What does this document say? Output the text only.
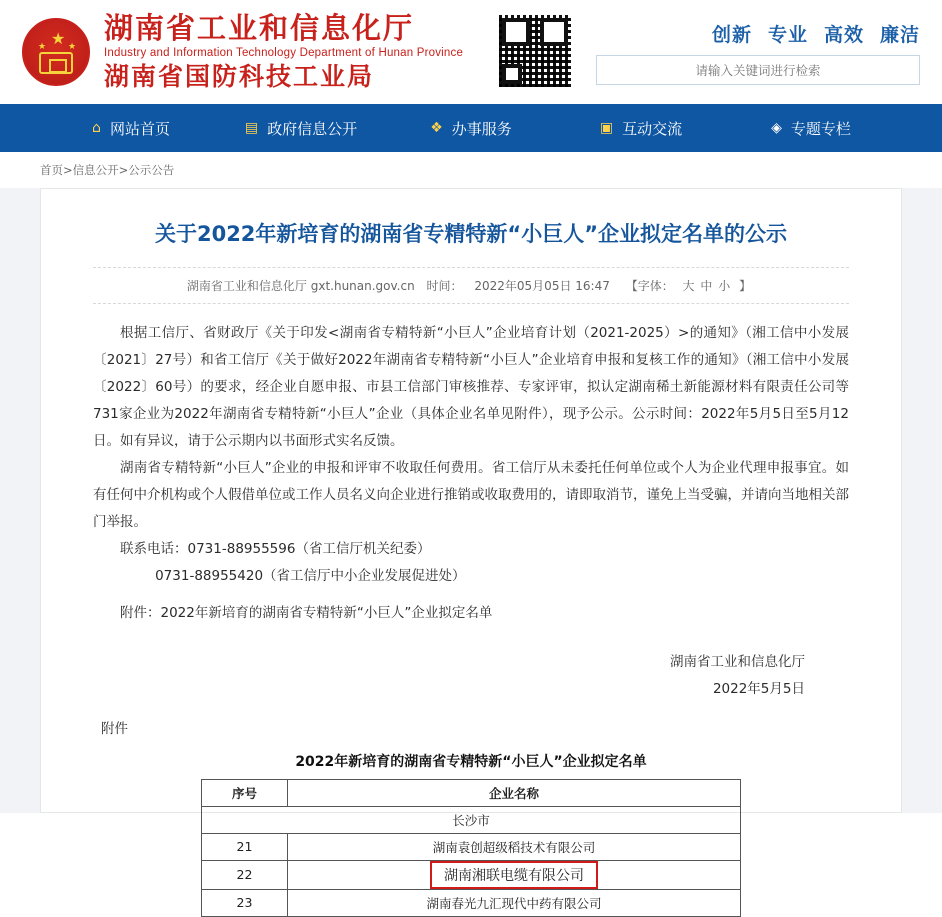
★
★ ★
湖南省工业和信息化厅
Industry and Information Technology Department of Hunan Province
湖南省国防科技工业局
创新 专业 高效 廉洁
请输入关键词进行检索
⌂ 网站首页	▤ 政府信息公开	❖ 办事服务	▣ 互动交流	◈ 专题专栏
首页>信息公开>公示公告
关于2022年新培育的湖南省专精特新“小巨人”企业拟定名单的公示
湖南省工业和信息化厅 gxt.hunan.gov.cn 时间： 2022年05月05日 16:47 【字体： 大 中 小 】

根据工信厅、省财政厅《关于印发<湖南省专精特新“小巨人”企业培育计划（2021-2025）>的通知》（湘工信中小发展〔2021〕27号）和省工信厅《关于做好2022年湖南省专精特新“小巨人”企业培育申报和复核工作的通知》（湘工信中小发展〔2022〕60号）的要求，经企业自愿申报、市县工信部门审核推荐、专家评审，拟认定湖南稀土新能源材料有限责任公司等731家企业为2022年湖南省专精特新“小巨人”企业（具体企业名单见附件），现予公示。公示时间：2022年5月5日至5月12日。如有异议，请于公示期内以书面形式实名反馈。

湖南省专精特新“小巨人”企业的申报和评审不收取任何费用。省工信厅从未委托任何单位或个人为企业代理申报事宜。如有任何中介机构或个人假借单位或工作人员名义向企业进行推销或收取费用的，请即取消节，谨免上当受骗，并请向当地相关部门举报。

联系电话：0731-88955596（省工信厅机关纪委）

0731-88955420（省工信厅中小企业发展促进处）

附件：2022年新培育的湖南省专精特新“小巨人”企业拟定名单

湖南省工业和信息化厅
2022年5月5日
附件
2022年新培育的湖南省专精特新“小巨人”企业拟定名单
序号	企业名称
长沙市	
21	湖南袁创超级稻技术有限公司
22	湖南湘联电缆有限公司
23	湖南春光九汇现代中药有限公司
